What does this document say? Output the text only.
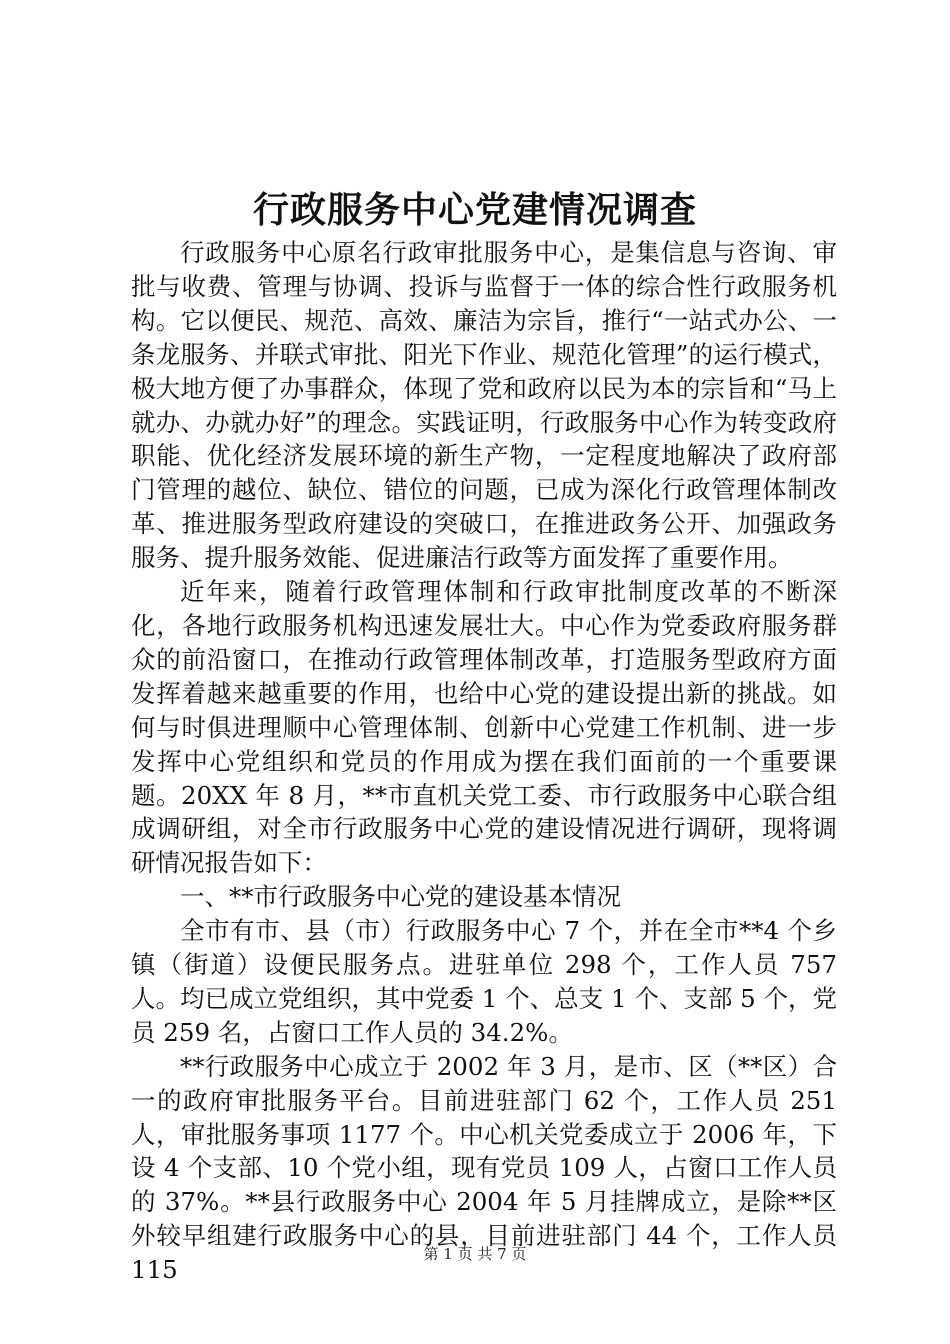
行政服务中心党建情况调查

行政服务中心原名行政审批服务中心，是集信息与咨询、审批与收费、管理与协调、投诉与监督于一体的综合性行政服务机构。它以便民、规范、高效、廉洁为宗旨，推行“一站式办公、一条龙服务、并联式审批、阳光下作业、规范化管理”的运行模式，极大地方便了办事群众，体现了党和政府以民为本的宗旨和“马上就办、办就办好”的理念。实践证明，行政服务中心作为转变政府职能、优化经济发展环境的新生产物，一定程度地解决了政府部门管理的越位、缺位、错位的问题，已成为深化行政管理体制改革、推进服务型政府建设的突破口，在推进政务公开、加强政务服务、提升服务效能、促进廉洁行政等方面发挥了重要作用。

近年来，随着行政管理体制和行政审批制度改革的不断深化，各地行政服务机构迅速发展壮大。中心作为党委政府服务群众的前沿窗口，在推动行政管理体制改革，打造服务型政府方面发挥着越来越重要的作用，也给中心党的建设提出新的挑战。如何与时俱进理顺中心管理体制、创新中心党建工作机制、进一步发挥中心党组织和党员的作用成为摆在我们面前的一个重要课题。20XX 年 8 月，**市直机关党工委、市行政服务中心联合组成调研组，对全市行政服务中心党的建设情况进行调研，现将调研情况报告如下：

一、**市行政服务中心党的建设基本情况

全市有市、县（市）行政服务中心 7 个，并在全市**4 个乡镇（街道）设便民服务点。进驻单位 298 个，工作人员 757 人。均已成立党组织，其中党委 1 个、总支 1 个、支部 5 个，党员 259 名，占窗口工作人员的 34.2%。

**行政服务中心成立于 2002 年 3 月，是市、区（**区）合一的政府审批服务平台。目前进驻部门 62 个，工作人员 251 人，审批服务事项 1177 个。中心机关党委成立于 2006 年，下设 4 个支部、10 个党小组，现有党员 109 人，占窗口工作人员的 37%。**县行政服务中心 2004 年 5 月挂牌成立，是除**区外较早组建行政服务中心的县，目前进驻部门 44 个，工作人员 115

第 1 页 共 7 页
